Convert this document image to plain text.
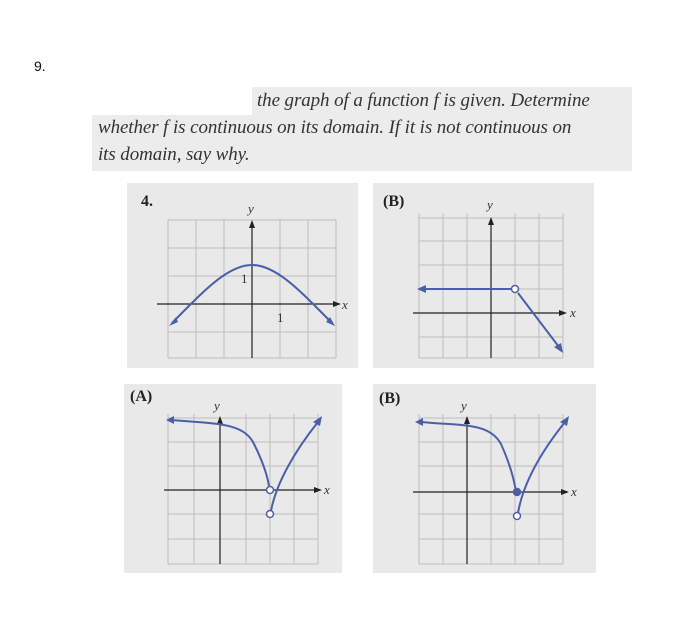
9.
the graph of a function f is given. Determine
whether f is continuous on its domain. If it is not continuous on
its domain, say why.
4.	y
x
1
1
(B)	y
x
(A)
y
x
(B)	y
x
